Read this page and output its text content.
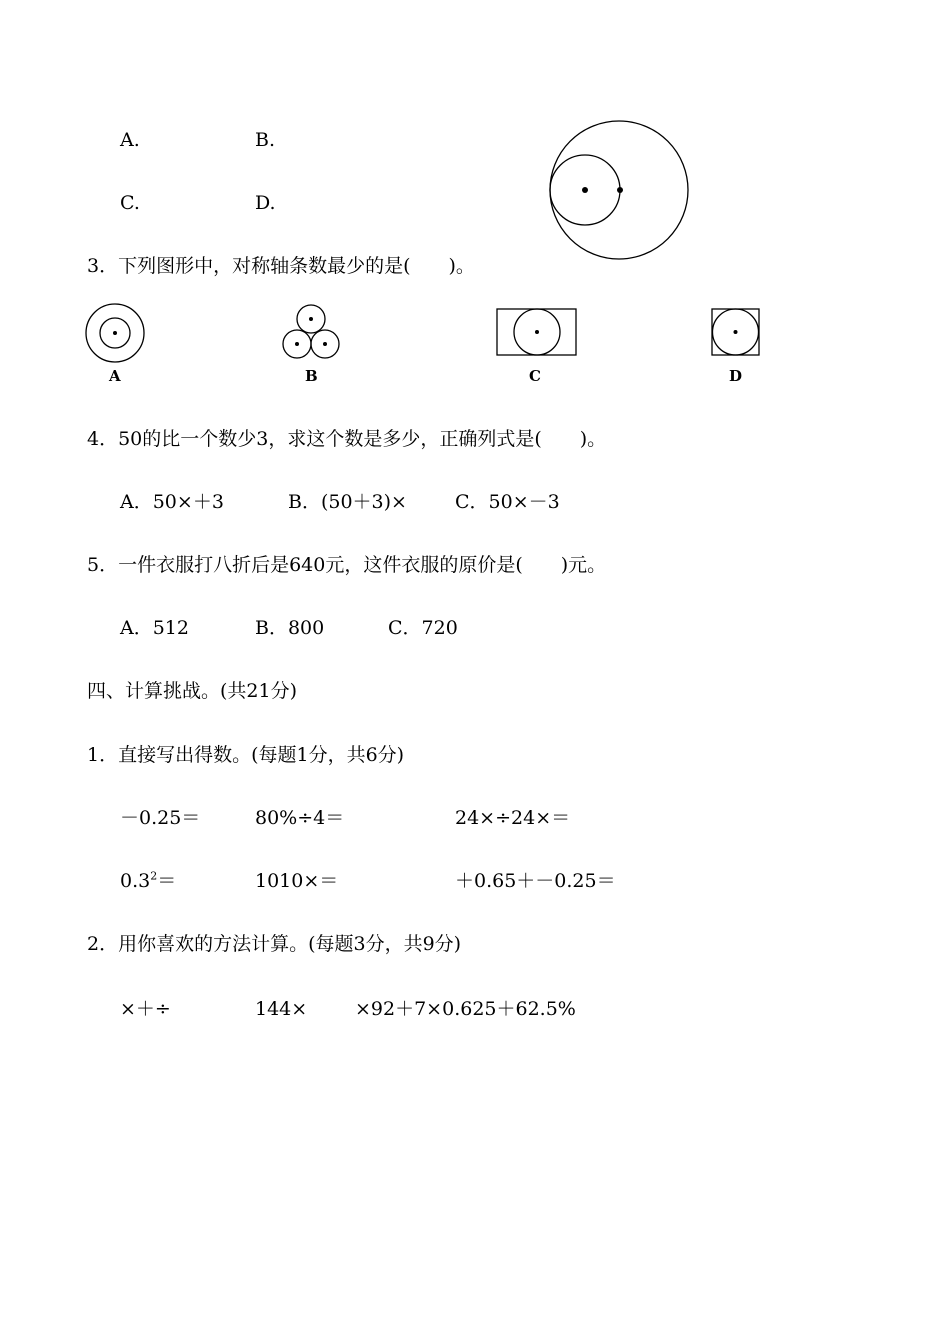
A.	B.
C.	D.
3．下列图形中，对称轴条数最少的是(　　)。
A	B	C	D
4．50的比一个数少3，求这个数是多少，正确列式是(　　)。
A．50×＋3	B．(50＋3)×	C．50×－3
5．一件衣服打八折后是640元，这件衣服的原价是(　　)元。
A．512	B．800	C．720
四、计算挑战。(共21分)
1．直接写出得数。(每题1分，共6分)
－0.25＝	80%÷4＝	24×÷24×＝
$0.3^2=$	1010×＝	＋0.65＋－0.25＝
2．用你喜欢的方法计算。(每题3分，共9分)
×＋÷	144×	×92＋7×0.625＋62.5%
